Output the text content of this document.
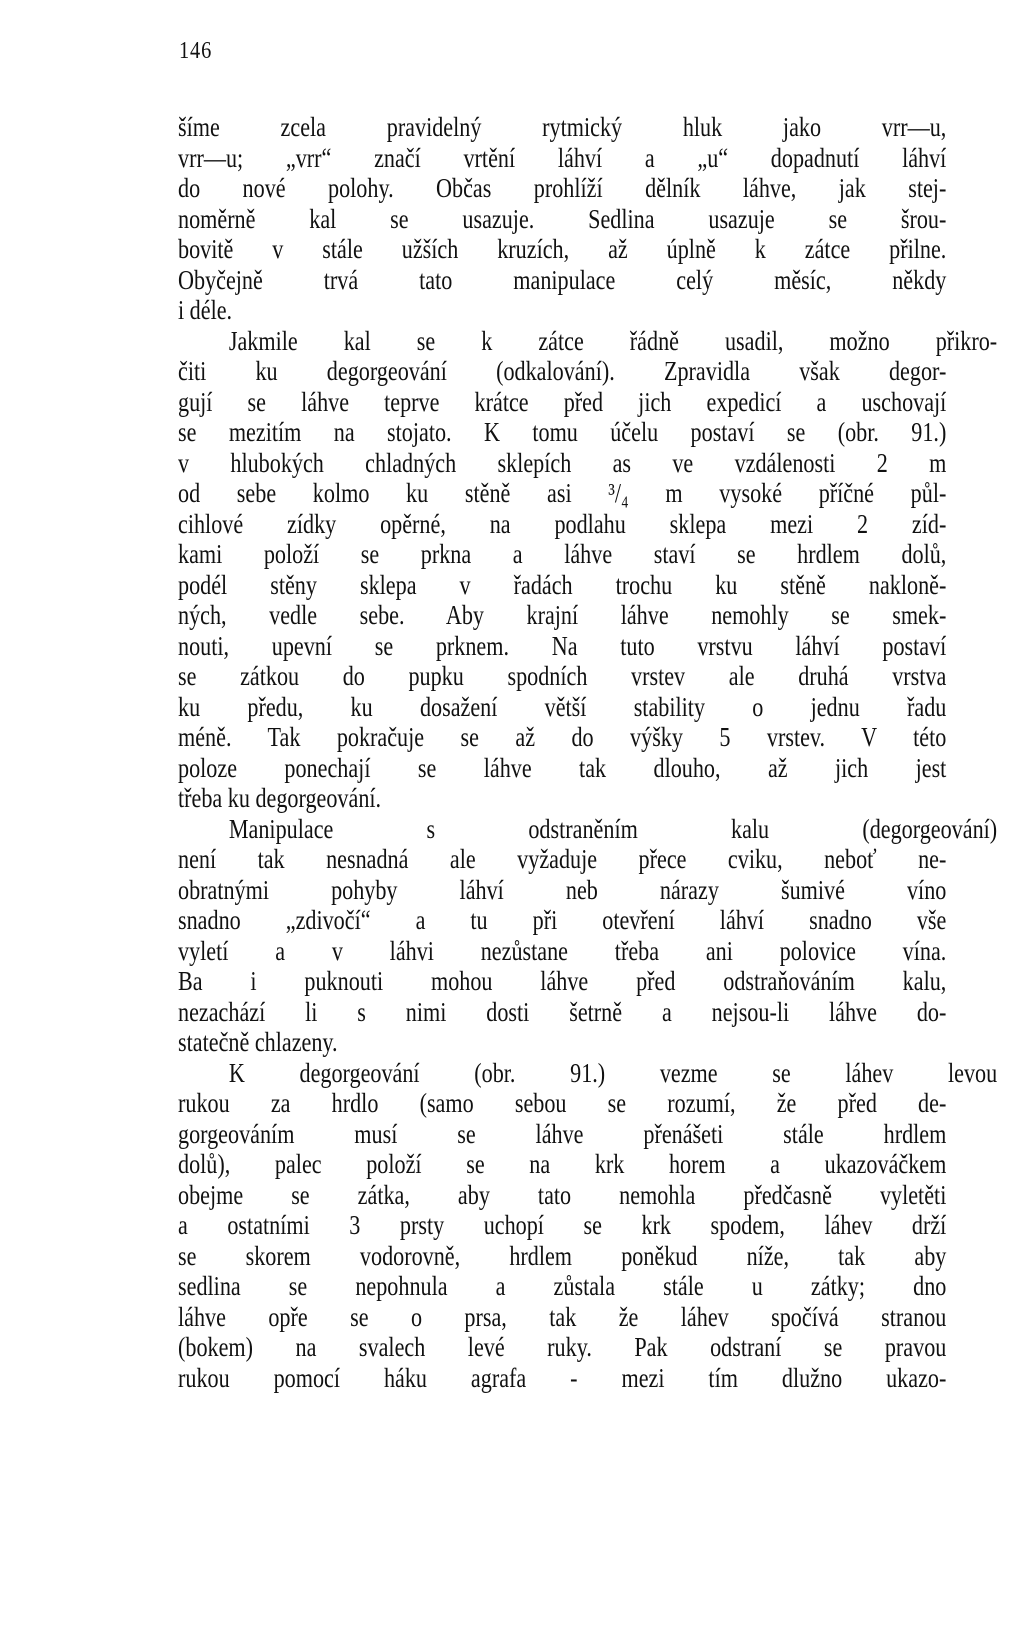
146
šíme zcela pravidelný rytmický hluk jako vrr—u,
vrr—u; „vrr“ značí vrtění láhví a „u“ dopadnutí láhví
do nové polohy. Občas prohlíží dělník láhve, jak stej-
noměrně kal se usazuje. Sedlina usazuje se šrou-
bovitě v stále užších kruzích, až úplně k zátce přilne.
Obyčejně trvá tato manipulace celý měsíc, někdy
i déle.
Jakmile kal se k zátce řádně usadil, možno přikro-
čiti ku degorgeování (odkalování). Zpravidla však degor-
gují se láhve teprve krátce před jich expedicí a uschovají
se mezitím na stojato. K tomu účelu postaví se (obr. 91.)
v hlubokých chladných sklepích as ve vzdálenosti 2 m
od sebe kolmo ku stěně asi ³/₄ m vysoké příčné půl-
cihlové zídky opěrné, na podlahu sklepa mezi 2 zíd-
kami položí se prkna a láhve staví se hrdlem dolů,
podél stěny sklepa v řadách trochu ku stěně nakloně-
ných, vedle sebe. Aby krajní láhve nemohly se smek-
nouti, upevní se prknem. Na tuto vrstvu láhví postaví
se zátkou do pupku spodních vrstev ale druhá vrstva
ku předu, ku dosažení větší stability o jednu řadu
méně. Tak pokračuje se až do výšky 5 vrstev. V této
poloze ponechají se láhve tak dlouho, až jich jest
třeba ku degorgeování.
Manipulace s odstraněním kalu (degorgeování)
není tak nesnadná ale vyžaduje přece cviku, neboť ne-
obratnými pohyby láhví neb nárazy šumivé víno
snadno „zdivočí“ a tu při otevření láhví snadno vše
vyletí a v láhvi nezůstane třeba ani polovice vína.
Ba i puknouti mohou láhve před odstraňováním kalu,
nezachází li s nimi dosti šetrně a nejsou-li láhve do-
statečně chlazeny.
K degorgeování (obr. 91.) vezme se láhev levou
rukou za hrdlo (samo sebou se rozumí, že před de-
gorgeováním musí se láhve přenášeti stále hrdlem
dolů), palec položí se na krk horem a ukazováčkem
obejme se zátka, aby tato nemohla předčasně vyletěti
a ostatními 3 prsty uchopí se krk spodem, láhev drží
se skorem vodorovně, hrdlem poněkud níže, tak aby
sedlina se nepohnula a zůstala stále u zátky; dno
láhve opře se o prsa, tak že láhev spočívá stranou
(bokem) na svalech levé ruky. Pak odstraní se pravou
rukou pomocí háku agrafa - mezi tím dlužno ukazo-
